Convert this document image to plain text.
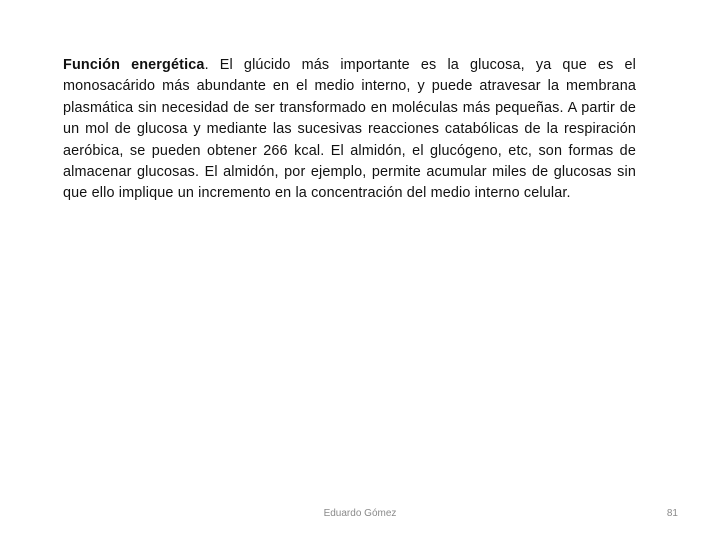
Función energética. El glúcido más importante es la glucosa, ya que es el monosacárido más abundante en el medio interno, y puede atravesar la membrana plasmática sin necesidad de ser transformado en moléculas más pequeñas. A partir de un mol de glucosa y mediante las sucesivas reacciones catabólicas de la respiración aeróbica, se pueden obtener 266 kcal. El almidón, el glucógeno, etc, son formas de almacenar glucosas. El almidón, por ejemplo, permite acumular miles de glucosas sin que ello implique un incremento en la concentración del medio interno celular.

Eduardo Gómez	81
